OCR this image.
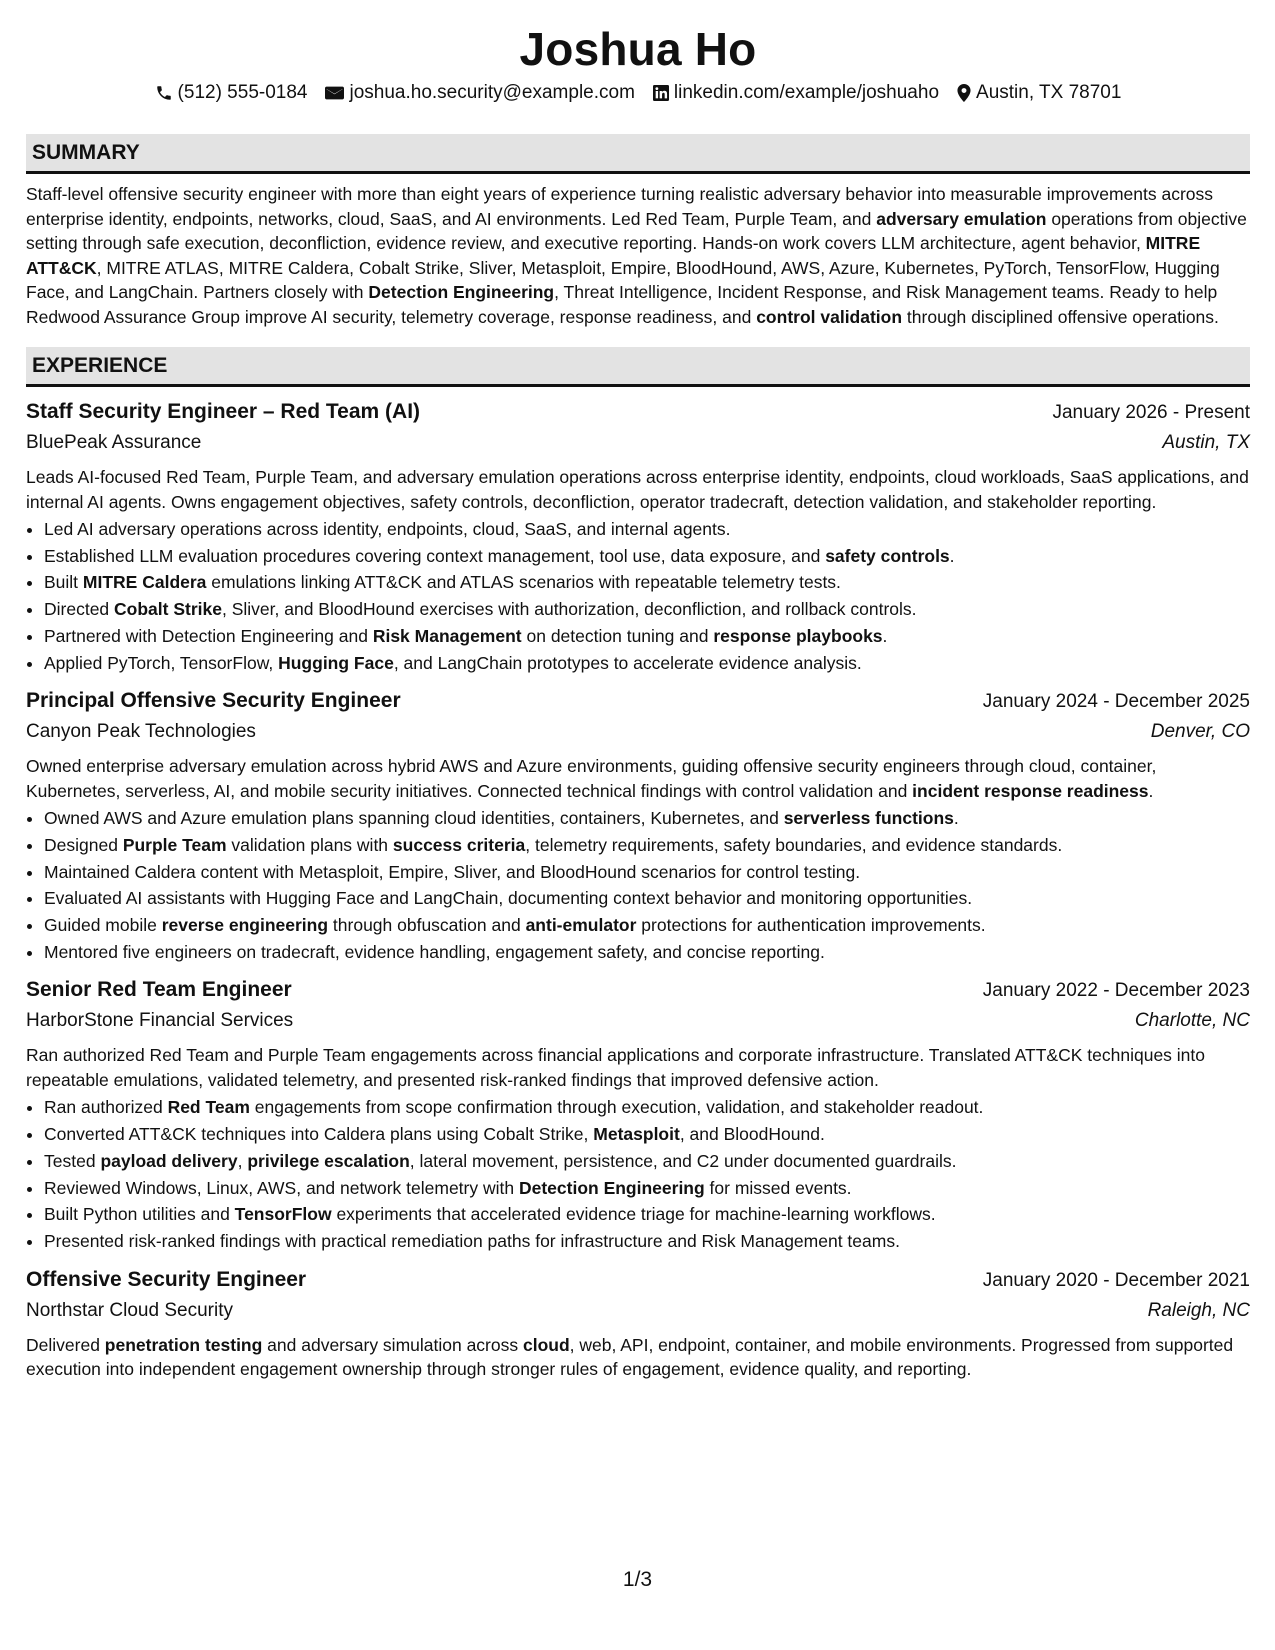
Joshua Ho
(512) 555-0184 joshua.ho.security@example.com linkedin.com/example/joshuaho Austin, TX 78701
SUMMARY

Staff-level offensive security engineer with more than eight years of experience turning realistic adversary behavior into measurable improvements across enterprise identity, endpoints, networks, cloud, SaaS, and AI environments. Led Red Team, Purple Team, and adversary emulation operations from objective setting through safe execution, deconfliction, evidence review, and executive reporting. Hands-on work covers LLM architecture, agent behavior, MITRE ATT&CK, MITRE ATLAS, MITRE Caldera, Cobalt Strike, Sliver, Metasploit, Empire, BloodHound, AWS, Azure, Kubernetes, PyTorch, TensorFlow, Hugging Face, and LangChain. Partners closely with Detection Engineering, Threat Intelligence, Incident Response, and Risk Management teams. Ready to help Redwood Assurance Group improve AI security, telemetry coverage, response readiness, and control validation through disciplined offensive operations.

EXPERIENCE
Staff Security Engineer – Red Team (AI)	January 2026 - Present
BluePeak Assurance	Austin, TX

Leads AI-focused Red Team, Purple Team, and adversary emulation operations across enterprise identity, endpoints, cloud workloads, SaaS applications, and internal AI agents. Owns engagement objectives, safety controls, deconfliction, operator tradecraft, detection validation, and stakeholder reporting.

• Led AI adversary operations across identity, endpoints, cloud, SaaS, and internal agents.
• Established LLM evaluation procedures covering context management, tool use, data exposure, and safety controls.
• Built MITRE Caldera emulations linking ATT&CK and ATLAS scenarios with repeatable telemetry tests.
• Directed Cobalt Strike, Sliver, and BloodHound exercises with authorization, deconfliction, and rollback controls.
• Partnered with Detection Engineering and Risk Management on detection tuning and response playbooks.
• Applied PyTorch, TensorFlow, Hugging Face, and LangChain prototypes to accelerate evidence analysis.
Principal Offensive Security Engineer	January 2024 - December 2025
Canyon Peak Technologies	Denver, CO

Owned enterprise adversary emulation across hybrid AWS and Azure environments, guiding offensive security engineers through cloud, container, Kubernetes, serverless, AI, and mobile security initiatives. Connected technical findings with control validation and incident response readiness.

• Owned AWS and Azure emulation plans spanning cloud identities, containers, Kubernetes, and serverless functions.
• Designed Purple Team validation plans with success criteria, telemetry requirements, safety boundaries, and evidence standards.
• Maintained Caldera content with Metasploit, Empire, Sliver, and BloodHound scenarios for control testing.
• Evaluated AI assistants with Hugging Face and LangChain, documenting context behavior and monitoring opportunities.
• Guided mobile reverse engineering through obfuscation and anti-emulator protections for authentication improvements.
• Mentored five engineers on tradecraft, evidence handling, engagement safety, and concise reporting.
Senior Red Team Engineer	January 2022 - December 2023
HarborStone Financial Services	Charlotte, NC

Ran authorized Red Team and Purple Team engagements across financial applications and corporate infrastructure. Translated ATT&CK techniques into repeatable emulations, validated telemetry, and presented risk-ranked findings that improved defensive action.

• Ran authorized Red Team engagements from scope confirmation through execution, validation, and stakeholder readout.
• Converted ATT&CK techniques into Caldera plans using Cobalt Strike, Metasploit, and BloodHound.
• Tested payload delivery, privilege escalation, lateral movement, persistence, and C2 under documented guardrails.
• Reviewed Windows, Linux, AWS, and network telemetry with Detection Engineering for missed events.
• Built Python utilities and TensorFlow experiments that accelerated evidence triage for machine-learning workflows.
• Presented risk-ranked findings with practical remediation paths for infrastructure and Risk Management teams.
Offensive Security Engineer	January 2020 - December 2021
Northstar Cloud Security	Raleigh, NC

Delivered penetration testing and adversary simulation across cloud, web, API, endpoint, container, and mobile environments. Progressed from supported execution into independent engagement ownership through stronger rules of engagement, evidence quality, and reporting.

1/3
